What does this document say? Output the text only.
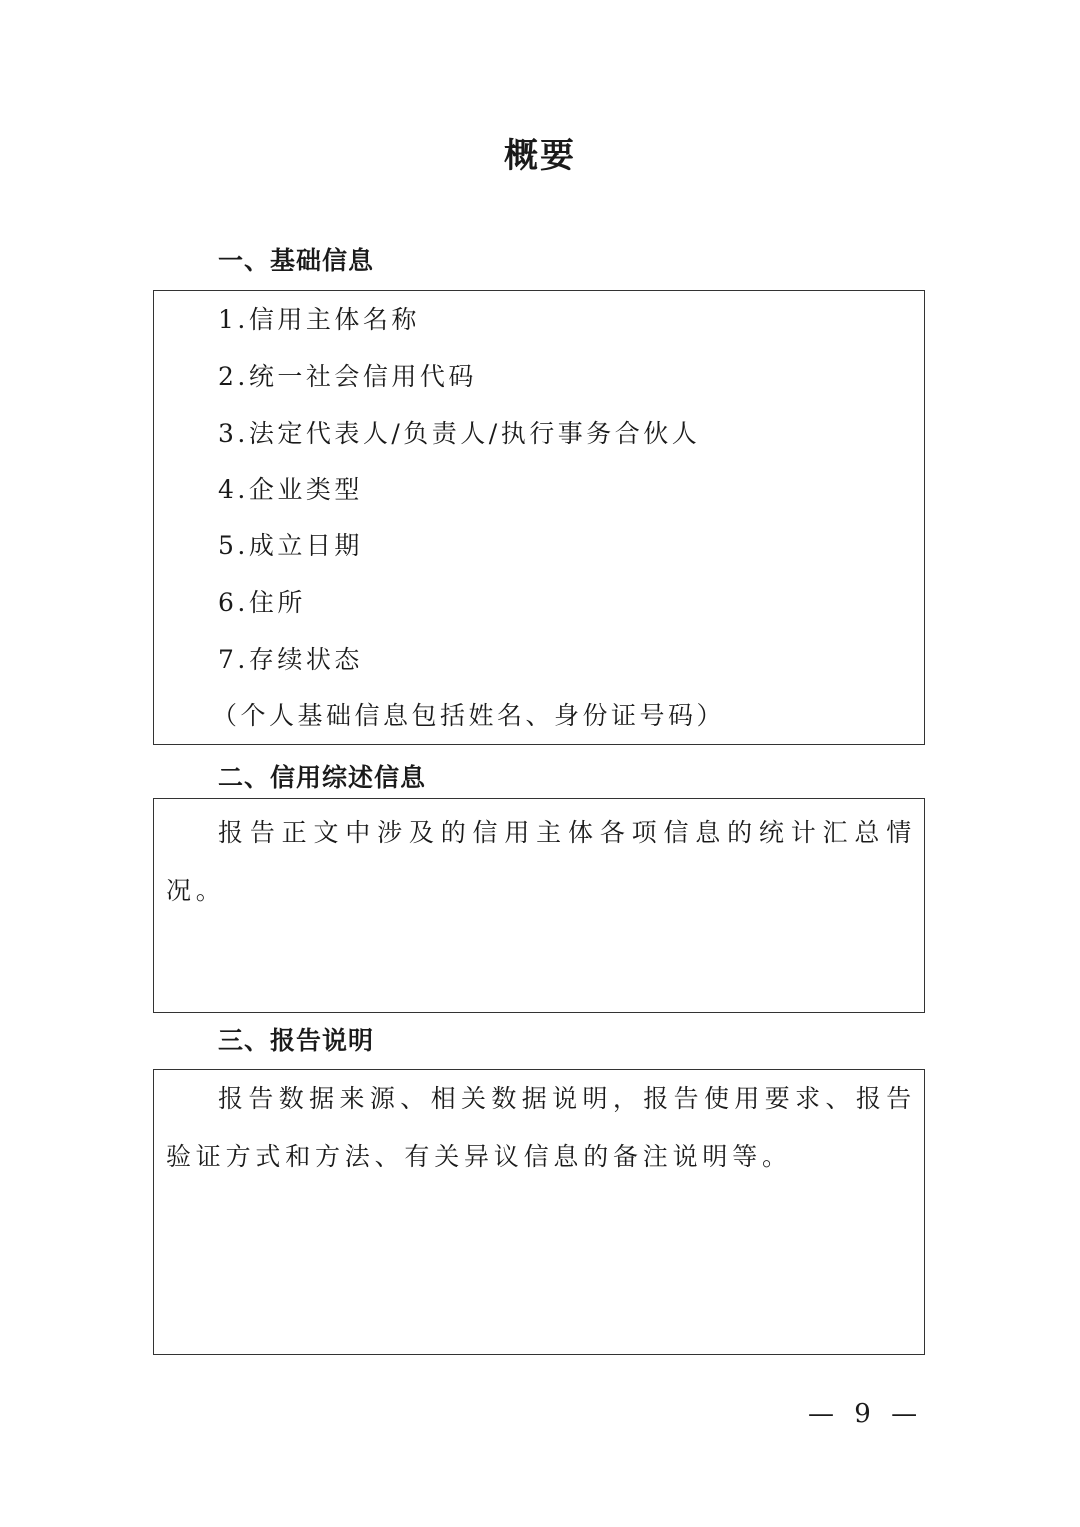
概要
一、基础信息
1.信用主体名称
2.统一社会信用代码
3.法定代表人/负责人/执行事务合伙人
4.企业类型
5.成立日期
6.住所
7.存续状态
（个人基础信息包括姓名、身份证号码）
二、信用综述信息
报告正文中涉及的信用主体各项信息的统计汇总情况。
三、报告说明
报告数据来源、相关数据说明，报告使用要求、报告验证方式和方法、有关异议信息的备注说明等。
— 9 —
